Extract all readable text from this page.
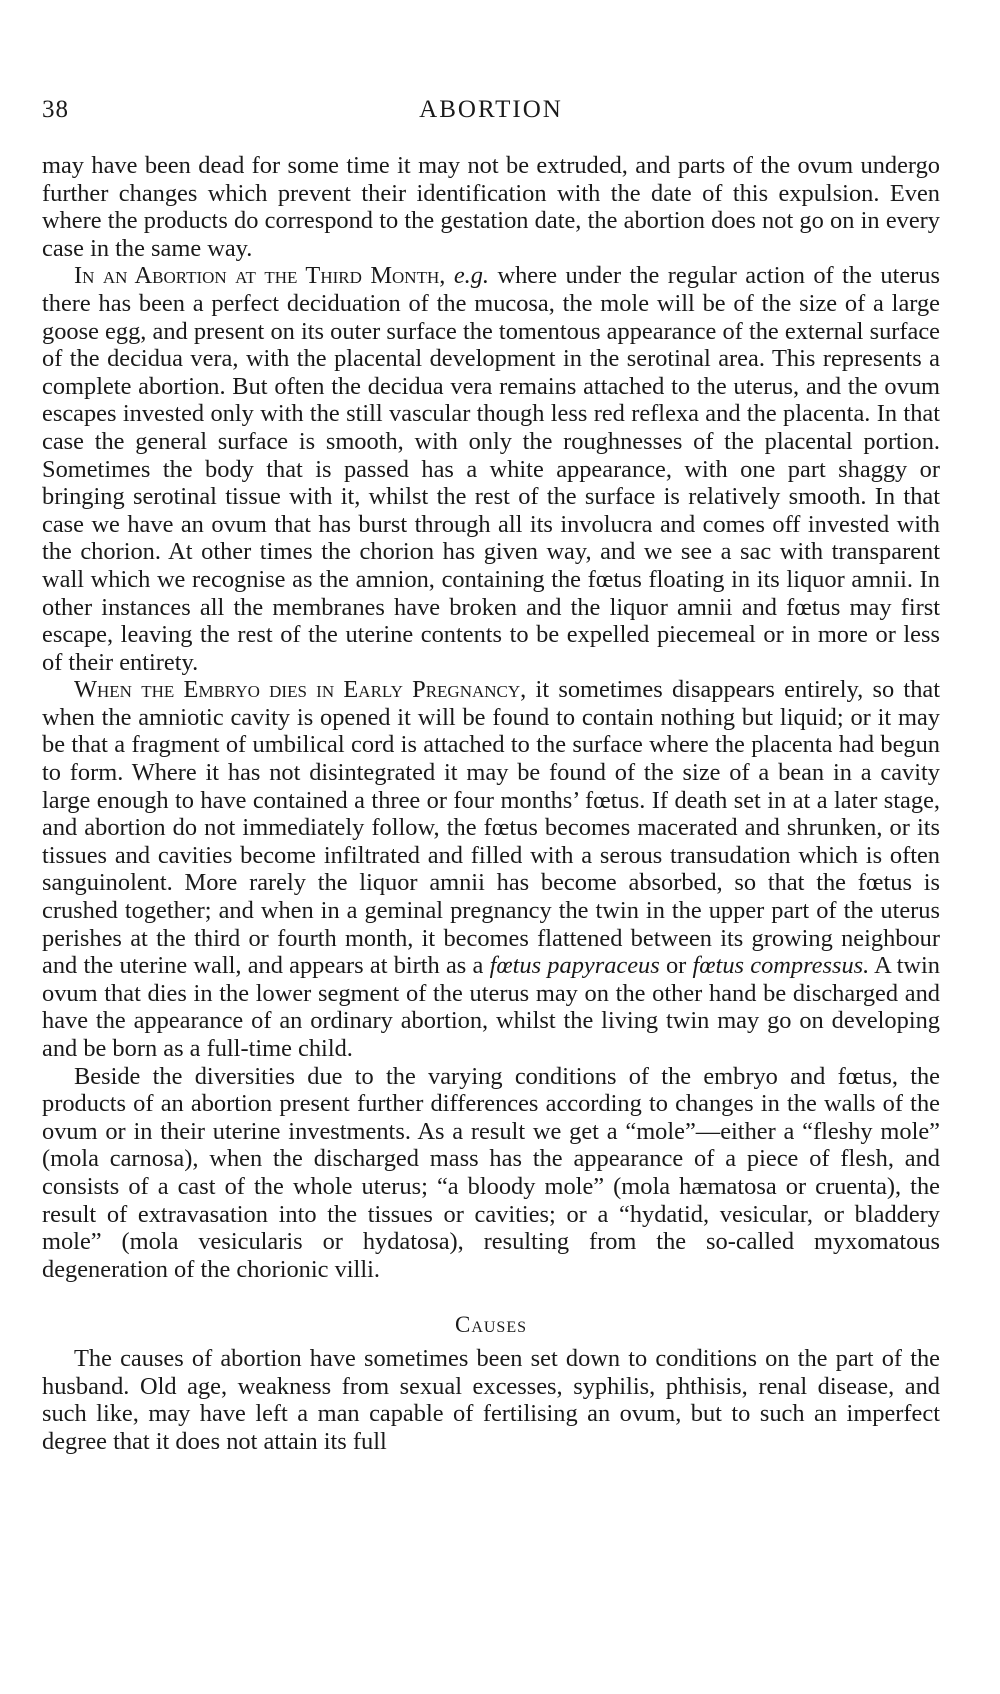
38	ABORTION

may have been dead for some time it may not be extruded, and parts of the ovum undergo further changes which prevent their identification with the date of this expulsion. Even where the products do correspond to the gestation date, the abortion does not go on in every case in the same way.

In an Abortion at the Third Month, e.g. where under the regular action of the uterus there has been a perfect deciduation of the mucosa, the mole will be of the size of a large goose egg, and present on its outer surface the tomentous appearance of the external surface of the decidua vera, with the placental development in the serotinal area. This represents a complete abortion. But often the decidua vera remains attached to the uterus, and the ovum escapes invested only with the still vascular though less red reflexa and the placenta. In that case the general surface is smooth, with only the roughnesses of the placental portion. Sometimes the body that is passed has a white appearance, with one part shaggy or bringing serotinal tissue with it, whilst the rest of the surface is relatively smooth. In that case we have an ovum that has burst through all its involucra and comes off invested with the chorion. At other times the chorion has given way, and we see a sac with transparent wall which we recognise as the amnion, containing the fœtus floating in its liquor amnii. In other instances all the membranes have broken and the liquor amnii and fœtus may first escape, leaving the rest of the uterine contents to be expelled piecemeal or in more or less of their entirety.

When the Embryo dies in Early Pregnancy, it sometimes disappears entirely, so that when the amniotic cavity is opened it will be found to contain nothing but liquid; or it may be that a fragment of umbilical cord is attached to the surface where the placenta had begun to form. Where it has not disintegrated it may be found of the size of a bean in a cavity large enough to have contained a three or four months’ fœtus. If death set in at a later stage, and abortion do not immediately follow, the fœtus becomes macerated and shrunken, or its tissues and cavities become infiltrated and filled with a serous transudation which is often sanguinolent. More rarely the liquor amnii has become absorbed, so that the fœtus is crushed together; and when in a geminal pregnancy the twin in the upper part of the uterus perishes at the third or fourth month, it becomes flattened between its growing neighbour and the uterine wall, and appears at birth as a fœtus papyraceus or fœtus compressus. A twin ovum that dies in the lower segment of the uterus may on the other hand be discharged and have the appearance of an ordinary abortion, whilst the living twin may go on developing and be born as a full-time child.

Beside the diversities due to the varying conditions of the embryo and fœtus, the products of an abortion present further differences according to changes in the walls of the ovum or in their uterine investments. As a result we get a “mole”—either a “fleshy mole” (mola carnosa), when the discharged mass has the appearance of a piece of flesh, and consists of a cast of the whole uterus; “a bloody mole” (mola hæmatosa or cruenta), the result of extravasation into the tissues or cavities; or a “hydatid, vesicular, or bladdery mole” (mola vesicularis or hydatosa), resulting from the so-called myxomatous degeneration of the chorionic villi.

Causes

The causes of abortion have sometimes been set down to conditions on the part of the husband. Old age, weakness from sexual excesses, syphilis, phthisis, renal disease, and such like, may have left a man capable of fertilising an ovum, but to such an imperfect degree that it does not attain its full
